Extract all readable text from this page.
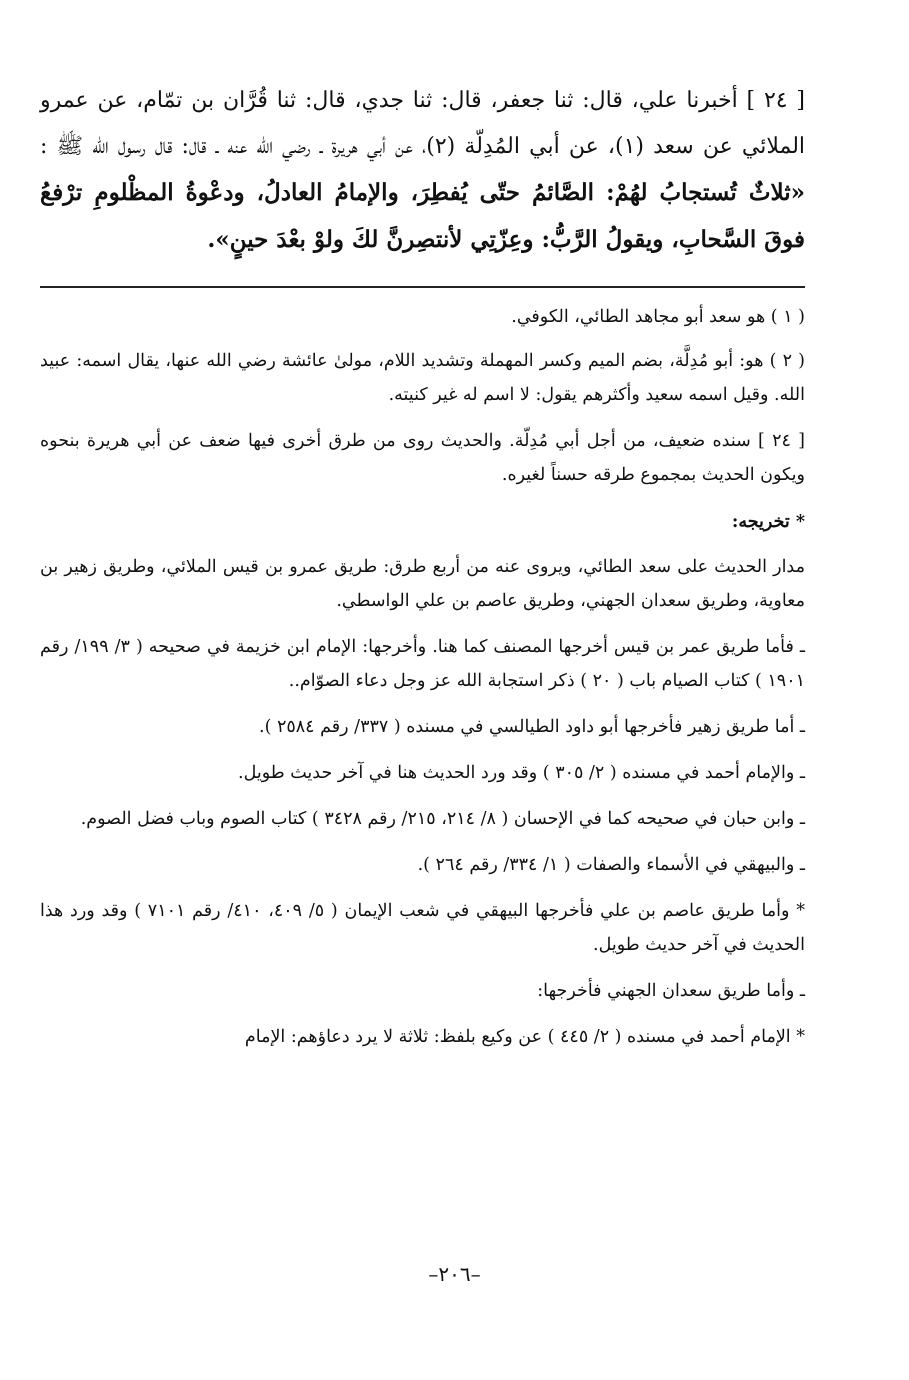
[ ٢٤ ] أخبرنا علي، قال: ثنا جعفر، قال: ثنا جدي، قال: ثنا قُرَّان بن تمّام، عن عمرو الملائي عن سعد (١)، عن أبي المُدِلّة (٢)، عن أبي هريرة ـ رضي الله عنه ـ قال: قال رسول الله ﷺ : «ثلاثٌ تُستجابُ لهُمْ: الصَّائمُ حتّى يُفطِرَ، والإمامُ العادلُ، ودعْوةُ المظْلومِ ترْفعُ فوقَ السَّحابِ، ويقولُ الرَّبُّ: وعِزّتِي لأنتصِرنَّ لكَ ولوْ بعْدَ حينٍ».

( ١ ) هو سعد أبو مجاهد الطائي، الكوفي.

( ٢ ) هو: أبو مُدِلَّة، بضم الميم وكسر المهملة وتشديد اللام، مولىٰ عائشة رضي الله عنها، يقال اسمه: عبيد الله. وقيل اسمه سعيد وأكثرهم يقول: لا اسم له غير كنيته.

[ ٢٤ ] سنده ضعيف، من أجل أبي مُدِلّة. والحديث روى من طرق أخرى فيها ضعف عن أبي هريرة بنحوه ويكون الحديث بمجموع طرقه حسناً لغيره.

* تخريجه:

مدار الحديث على سعد الطائي، ويروى عنه من أربع طرق: طريق عمرو بن قيس الملائي، وطريق زهير بن معاوية، وطريق سعدان الجهني، وطريق عاصم بن علي الواسطي.

ـ فأما طريق عمر بن قيس أخرجها المصنف كما هنا. وأخرجها: الإمام ابن خزيمة في صحيحه ( ٣/ ١٩٩/ رقم ١٩٠١ ) كتاب الصيام باب ( ٢٠ ) ذكر استجابة الله عز وجل دعاء الصوّام..

ـ أما طريق زهير فأخرجها أبو داود الطيالسي في مسنده ( ٣٣٧/ رقم ٢٥٨٤ ).

ـ والإمام أحمد في مسنده ( ٢/ ٣٠٥ ) وقد ورد الحديث هنا في آخر حديث طويل.

ـ وابن حبان في صحيحه كما في الإحسان ( ٨/ ٢١٤، ٢١٥/ رقم ٣٤٢٨ ) كتاب الصوم وباب فضل الصوم.

ـ والبيهقي في الأسماء والصفات ( ١/ ٣٣٤/ رقم ٢٦٤ ).

* وأما طريق عاصم بن علي فأخرجها البيهقي في شعب الإيمان ( ٥/ ٤٠٩، ٤١٠/ رقم ٧١٠١ ) وقد ورد هذا الحديث في آخر حديث طويل.

ـ وأما طريق سعدان الجهني فأخرجها:

* الإمام أحمد في مسنده ( ٢/ ٤٤٥ ) عن وكيع بلفظ: ثلاثة لا يرد دعاؤهم: الإمام

–٢٠٦–
